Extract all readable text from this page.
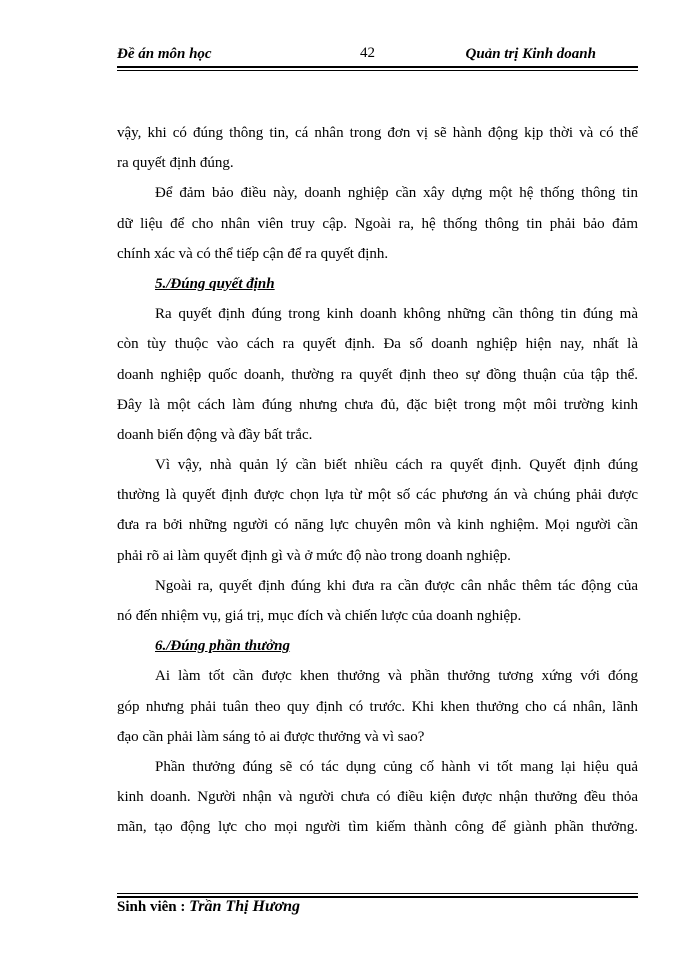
Đề án môn học	42	Quản trị Kinh doanh
vậy, khi có đúng thông tin, cá nhân trong đơn vị sẽ hành động kịp thời và có thể
ra quyết định đúng.
Để đảm bảo điều này, doanh nghiệp cần xây dựng một hệ thống thông tin
dữ liệu để cho nhân viên truy cập. Ngoài ra, hệ thống thông tin phải bảo đảm
chính xác và có thể tiếp cận để ra quyết định.
5./Đúng quyết định
Ra quyết định đúng trong kinh doanh không những cần thông tin đúng mà
còn tùy thuộc vào cách ra quyết định. Đa số doanh nghiệp hiện nay, nhất là
doanh nghiệp quốc doanh, thường ra quyết định theo sự đồng thuận của tập thể.
Đây là một cách làm đúng nhưng chưa đủ, đặc biệt trong một môi trường kinh
doanh biến động và đầy bất trắc.
Vì vậy, nhà quản lý cần biết nhiều cách ra quyết định. Quyết định đúng
thường là quyết định được chọn lựa từ một số các phương án và chúng phải được
đưa ra bởi những người có năng lực chuyên môn và kinh nghiệm. Mọi người cần
phải rõ ai làm quyết định gì và ở mức độ nào trong doanh nghiệp.
Ngoài ra, quyết định đúng khi đưa ra cần được cân nhắc thêm tác động của
nó đến nhiệm vụ, giá trị, mục đích và chiến lược của doanh nghiệp.
6./Đúng phần thưởng
Ai làm tốt cần được khen thưởng và phần thưởng tương xứng với đóng
góp nhưng phải tuân theo quy định có trước. Khi khen thưởng cho cá nhân, lãnh
đạo cần phải làm sáng tỏ ai được thưởng và vì sao?
Phần thưởng đúng sẽ có tác dụng củng cố hành vi tốt mang lại hiệu quả
kinh doanh. Người nhận và người chưa có điều kiện được nhận thưởng đều thỏa
mãn, tạo động lực cho mọi người tìm kiếm thành công để giành phần thưởng.
Sinh viên : Trần Thị Hương
